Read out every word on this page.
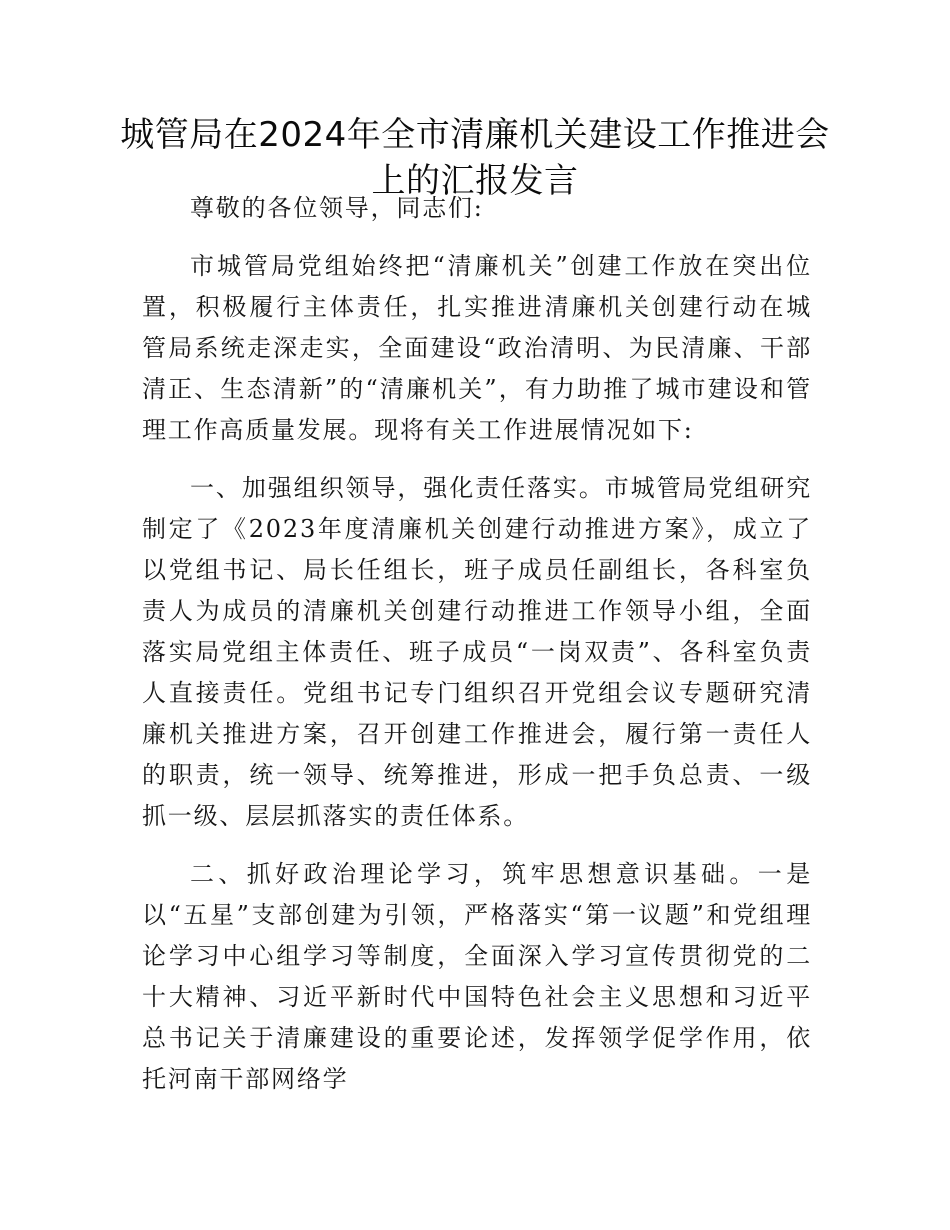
城管局在2024年全市清廉机关建设工作推进会上的汇报发言

尊敬的各位领导，同志们:

市城管局党组始终把“清廉机关”创建工作放在突出位置，积极履行主体责任，扎实推进清廉机关创建行动在城管局系统走深走实，全面建设“政治清明、为民清廉、干部清正、生态清新”的“清廉机关”，有力助推了城市建设和管理工作高质量发展。现将有关工作进展情况如下:

一、加强组织领导，强化责任落实。市城管局党组研究制定了《2023年度清廉机关创建行动推进方案》，成立了以党组书记、局长任组长，班子成员任副组长，各科室负责人为成员的清廉机关创建行动推进工作领导小组，全面落实局党组主体责任、班子成员“一岗双责”、各科室负责人直接责任。党组书记专门组织召开党组会议专题研究清廉机关推进方案，召开创建工作推进会，履行第一责任人的职责，统一领导、统筹推进，形成一把手负总责、一级抓一级、层层抓落实的责任体系。

二、抓好政治理论学习，筑牢思想意识基础。一是以“五星”支部创建为引领，严格落实“第一议题”和党组理论学习中心组学习等制度，全面深入学习宣传贯彻党的二十大精神、习近平新时代中国特色社会主义思想和习近平总书记关于清廉建设的重要论述，发挥领学促学作用，依托河南干部网络学
